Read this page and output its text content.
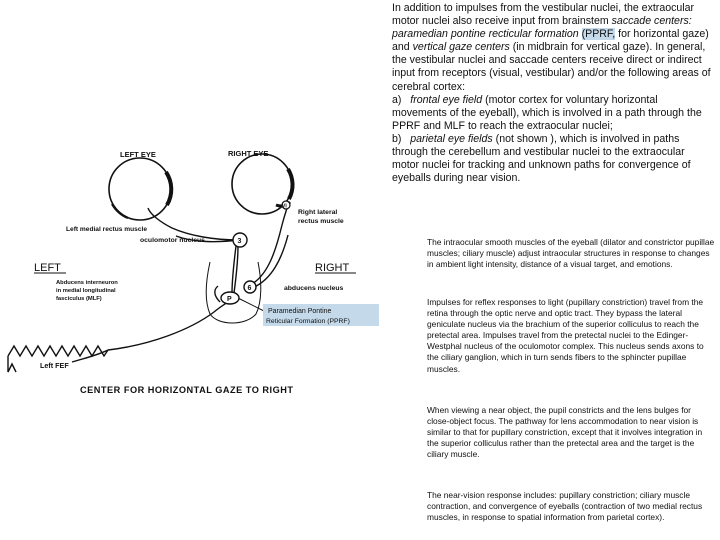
3
6
P
VI
LEFT EYE	RIGHT EYE
Left medial rectus muscle
Right lateral
rectus muscle
oculomotor nucleus
LEFT	RIGHT
Abducens interneuron
in medial longitudinal
fasciculus (MLF)
abducens nucleus
Paramedian Pontine
Reticular Formation (PPRF)
Left FEF
CENTER FOR HORIZONTAL GAZE TO RIGHT
In addition to impulses from the vestibular nuclei, the extraocular motor nuclei also receive input from brainstem saccade centers: paramedian pontine recticular formation (PPRF, for horizontal gaze) and vertical gaze centers (in midbrain for vertical gaze). In general, the vestibular nuclei and saccade centers receive direct or indirect input from receptors (visual, vestibular) and/or the following areas of cerebral cortex:
a) frontal eye field (motor cortex for voluntary horizontal movements of the eyeball), which is involved in a path through the PPRF and MLF to reach the extraocular nuclei;
b) parietal eye fields (not shown ), which is involved in paths through the cerebellum and vestibular nuclei to the extraocular motor nuclei for tracking and unknown paths for convergence of eyeballs during near vision.
The intraocular smooth muscles of the eyeball (dilator and constrictor pupillae muscles; ciliary muscle) adjust intraocular structures in response to changes in ambient light intensity, distance of a visual target, and emotions.
Impulses for reflex responses to light (pupillary constriction) travel from the retina through the optic nerve and optic tract. They bypass the lateral geniculate nucleus via the brachium of the superior colliculus to reach the pretectal area. Impulses travel from the pretectal nuclei to the Edinger-Westphal nucleus of the oculomotor complex. This nucleus sends axons to the ciliary ganglion, which in turn sends fibers to the sphincter pupillae muscles.
When viewing a near object, the pupil constricts and the lens bulges for close-object focus. The pathway for lens accommodation to near vision is similar to that for pupillary constriction, except that it involves integration in the superior colliculus rather than the pretectal area and the target is the ciliary muscle.
The near-vision response includes: pupillary constriction; ciliary muscle contraction, and convergence of eyeballs (contraction of two medial rectus muscles, in response to spatial information from parietal cortex).
